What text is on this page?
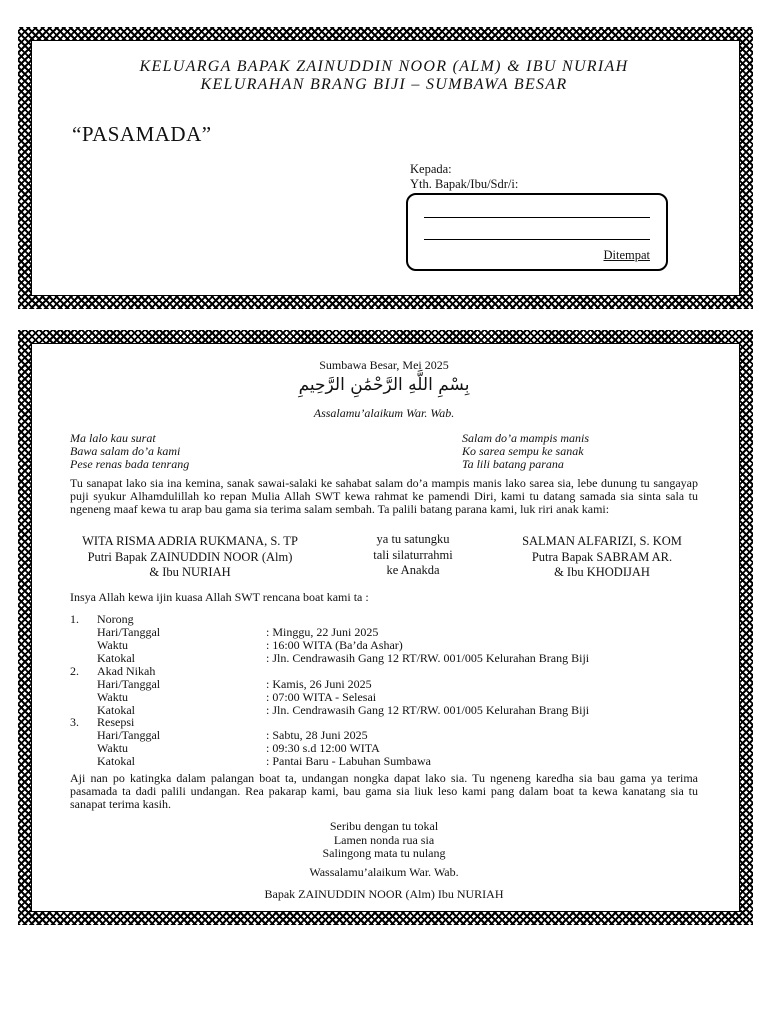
KELUARGA BAPAK ZAINUDDIN NOOR (ALM) & IBU NURIAH
KELURAHAN BRANG BIJI – SUMBAWA BESAR
“PASAMADA”
Kepada:
Yth. Bapak/Ibu/Sdr/i:
Ditempat
Sumbawa Besar, Mei 2025
بِسْمِ اللَّهِ الرَّحْمَٰنِ الرَّحِيمِ
Assalamu’alaikum War. Wab.
Ma lalo kau surat
Bawa salam do’a kami
Pese renas bada tenrang
Salam do’a mampis manis
Ko sarea sempu ke sanak
Ta lili batang parana
Tu sanapat lako sia ina kemina, sanak sawai-salaki ke sahabat salam do’a mampis manis lako sarea sia, lebe dunung tu sangayap puji syukur Alhamdulillah ko repan Mulia Allah SWT kewa rahmat ke pamendi Diri, kami tu datang samada sia sinta sala tu ngeneng maaf kewa tu arap bau gama sia terima salam sembah. Ta palili batang parana kami, luk riri anak kami:
WITA RISMA ADRIA RUKMANA, S. TP
Putri Bapak ZAINUDDIN NOOR (Alm)
& Ibu NURIAH
ya tu satungku
tali silaturrahmi
ke Anakda
SALMAN ALFARIZI, S. KOM
Putra Bapak SABRAM AR.
& Ibu KHODIJAH
Insya Allah kewa ijin kuasa Allah SWT rencana boat kami ta :
1. Norong
Hari/Tanggal	: Minggu, 22 Juni 2025
Waktu	: 16:00 WITA (Ba’da Ashar)
Katokal	: Jln. Cendrawasih Gang 12 RT/RW. 001/005 Kelurahan Brang Biji
2. Akad Nikah
Hari/Tanggal	: Kamis, 26 Juni 2025
Waktu	: 07:00 WITA - Selesai
Katokal	: Jln. Cendrawasih Gang 12 RT/RW. 001/005 Kelurahan Brang Biji
3. Resepsi
Hari/Tanggal	: Sabtu, 28 Juni 2025
Waktu	: 09:30 s.d 12:00 WITA
Katokal	: Pantai Baru - Labuhan Sumbawa
Aji nan po katingka dalam palangan boat ta, undangan nongka dapat lako sia. Tu ngeneng karedha sia bau gama ya terima pasamada ta dadi palili undangan. Rea pakarap kami, bau gama sia liuk leso kami pang dalam boat ta kewa kanatang sia tu sanapat terima kasih.
Seribu dengan tu tokal
Lamen nonda rua sia
Salingong mata tu nulang
Wassalamu’alaikum War. Wab.
Bapak ZAINUDDIN NOOR (Alm) Ibu NURIAH
